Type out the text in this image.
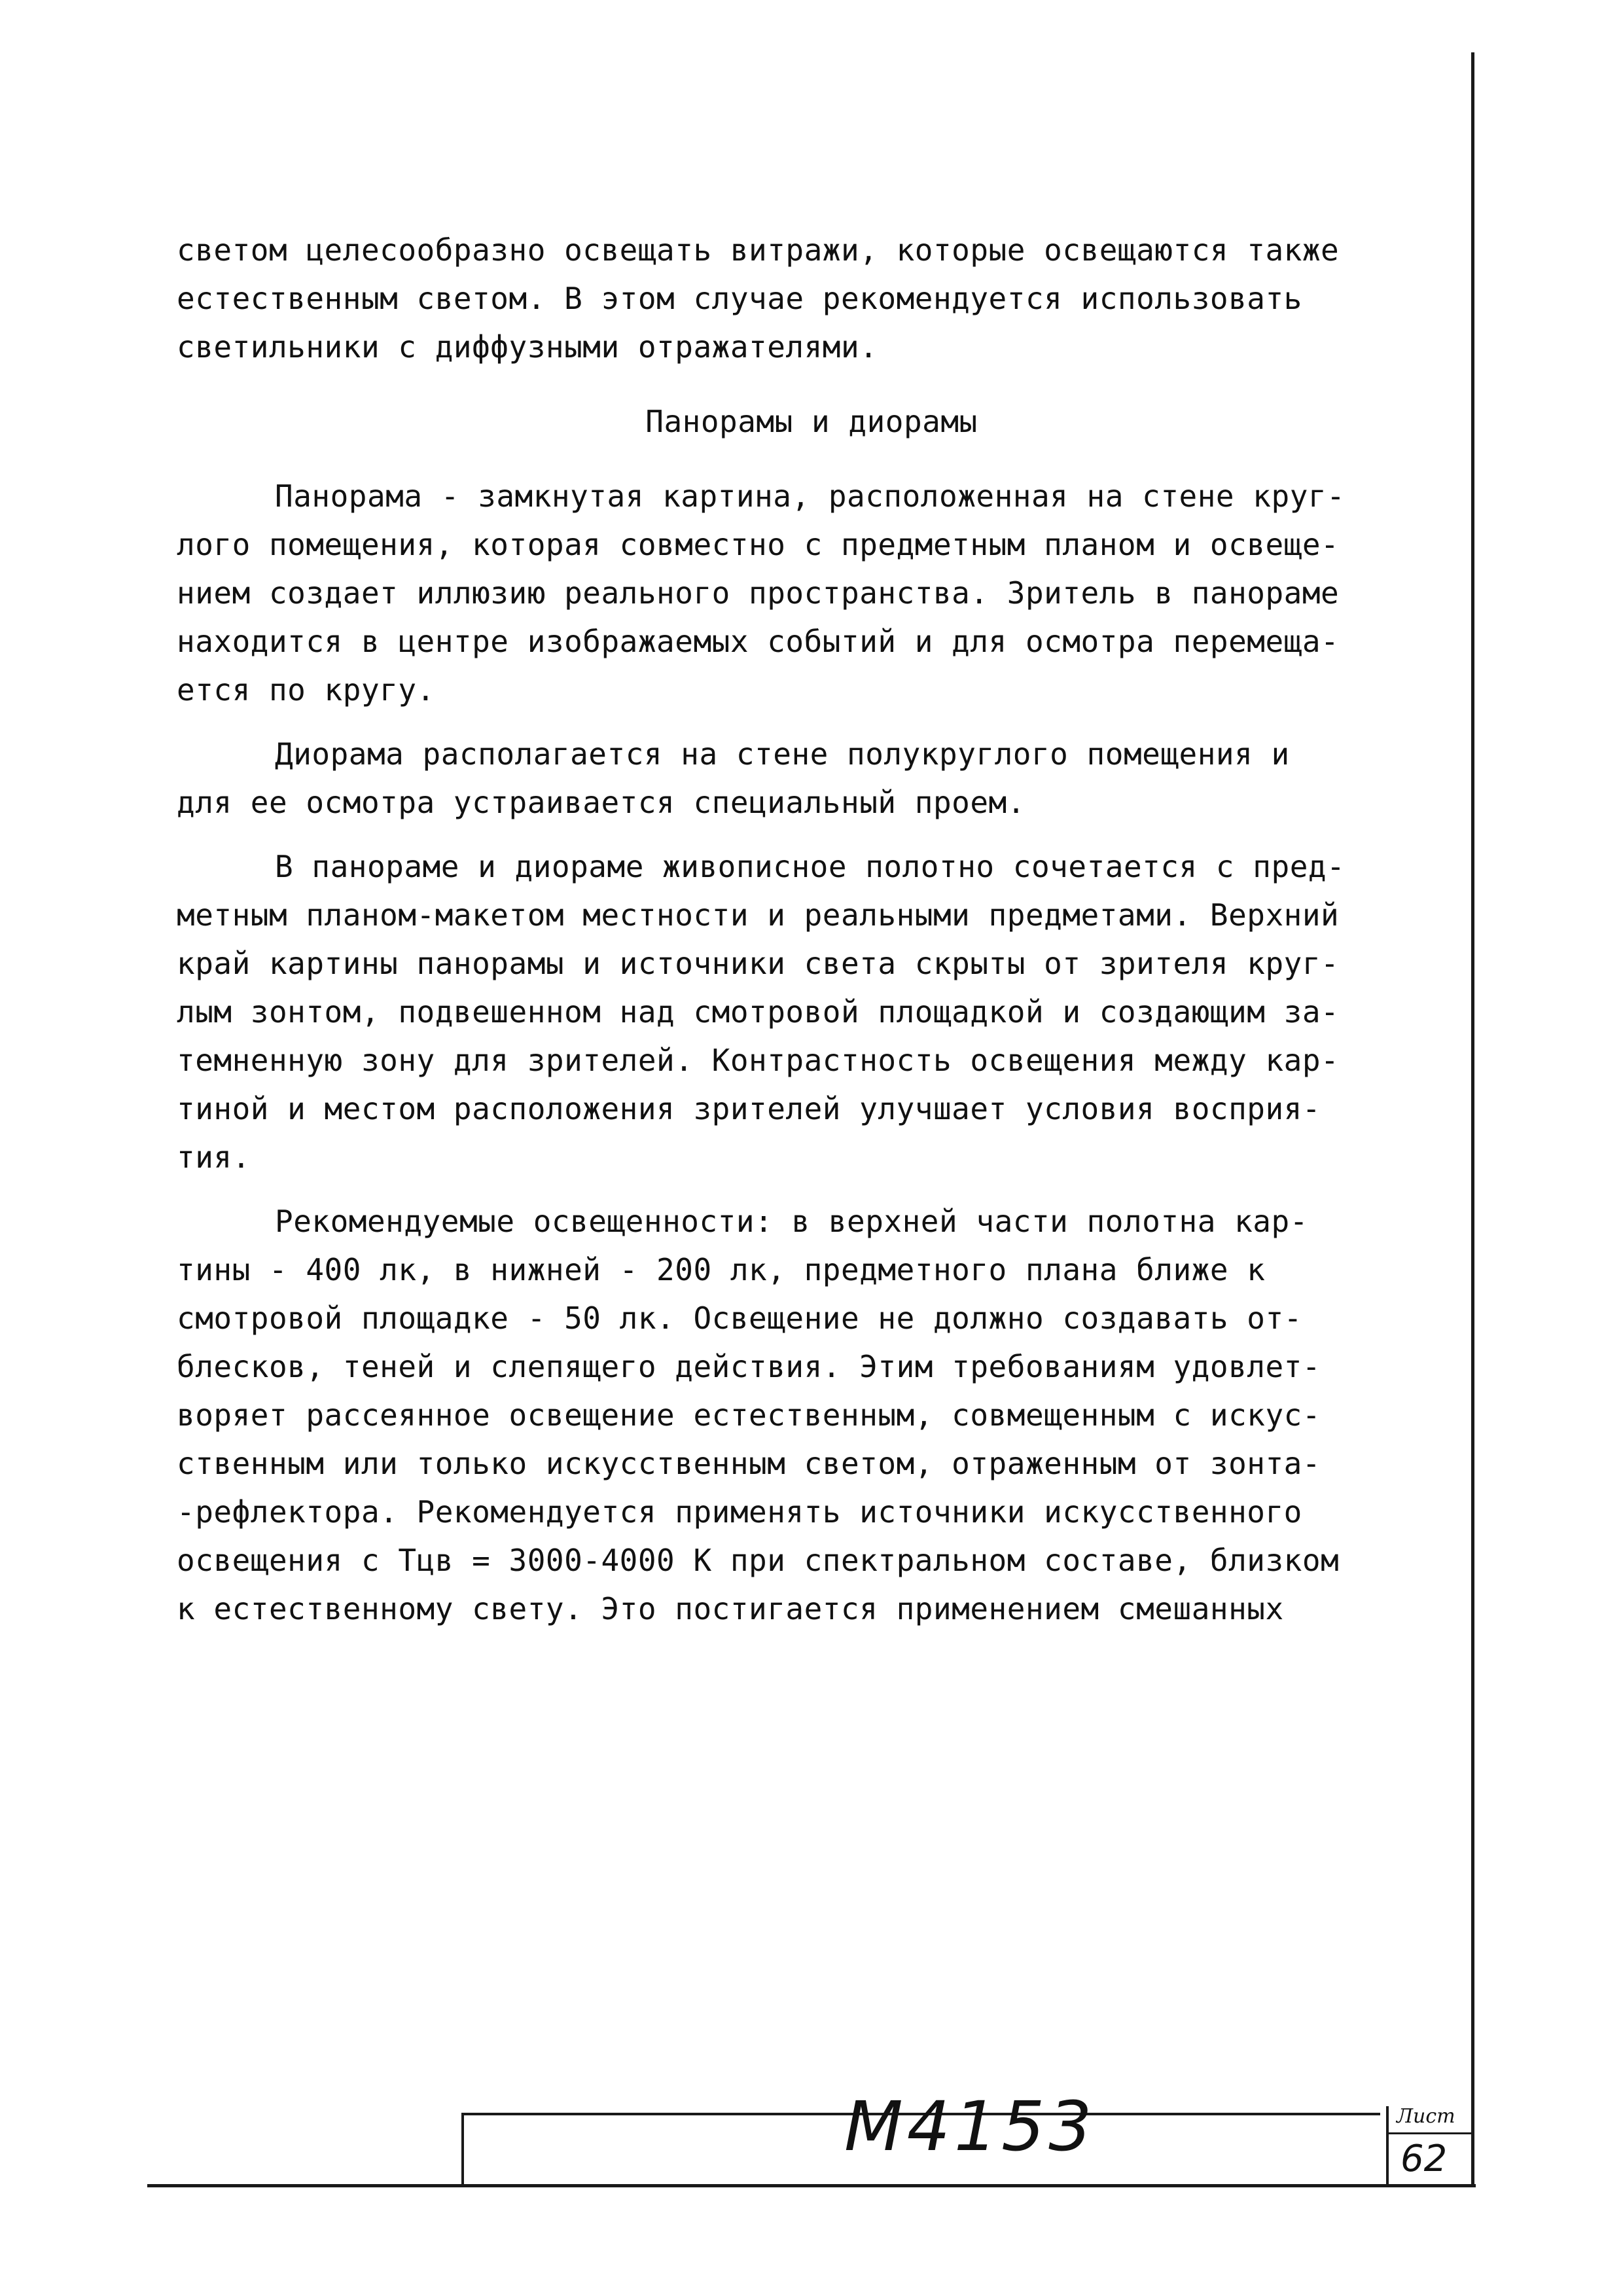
светом целесообразно освещать витражи, которые освещаются также
естественным светом. В этом случае рекомендуется использовать
светильники с диффузными отражателями.
Панорамы и диорамы
Панорама - замкнутая картина, расположенная на стене круг-
лого помещения, которая совместно с предметным планом и освеще-
нием создает иллюзию реального пространства. Зритель в панораме
находится в центре изображаемых событий и для осмотра перемеща-
ется по кругу.
Диорама располагается на стене полукруглого помещения и
для ее осмотра устраивается специальный проем.
В панораме и диораме живописное полотно сочетается с пред-
метным планом-макетом местности и реальными предметами. Верхний
край картины панорамы и источники света скрыты от зрителя круг-
лым зонтом, подвешенном над смотровой площадкой и создающим за-
темненную зону для зрителей. Контрастность освещения между кар-
тиной и местом расположения зрителей улучшает условия восприя-
тия.
Рекомендуемые освещенности: в верхней части полотна кар-
тины - 400 лк, в нижней - 200 лк, предметного плана ближе к
смотровой площадке - 50 лк. Освещение не должно создавать от-
блесков, теней и слепящего действия. Этим требованиям удовлет-
воряет рассеянное освещение естественным, совмещенным с искус-
ственным или только искусственным светом, отраженным от зонта-
-рефлектора. Рекомендуется применять источники искусственного
освещения с Тцв = 3000-4000 К при спектральном составе, близком
к естественному свету. Это постигается применением смешанных
M4153	Лист
62
